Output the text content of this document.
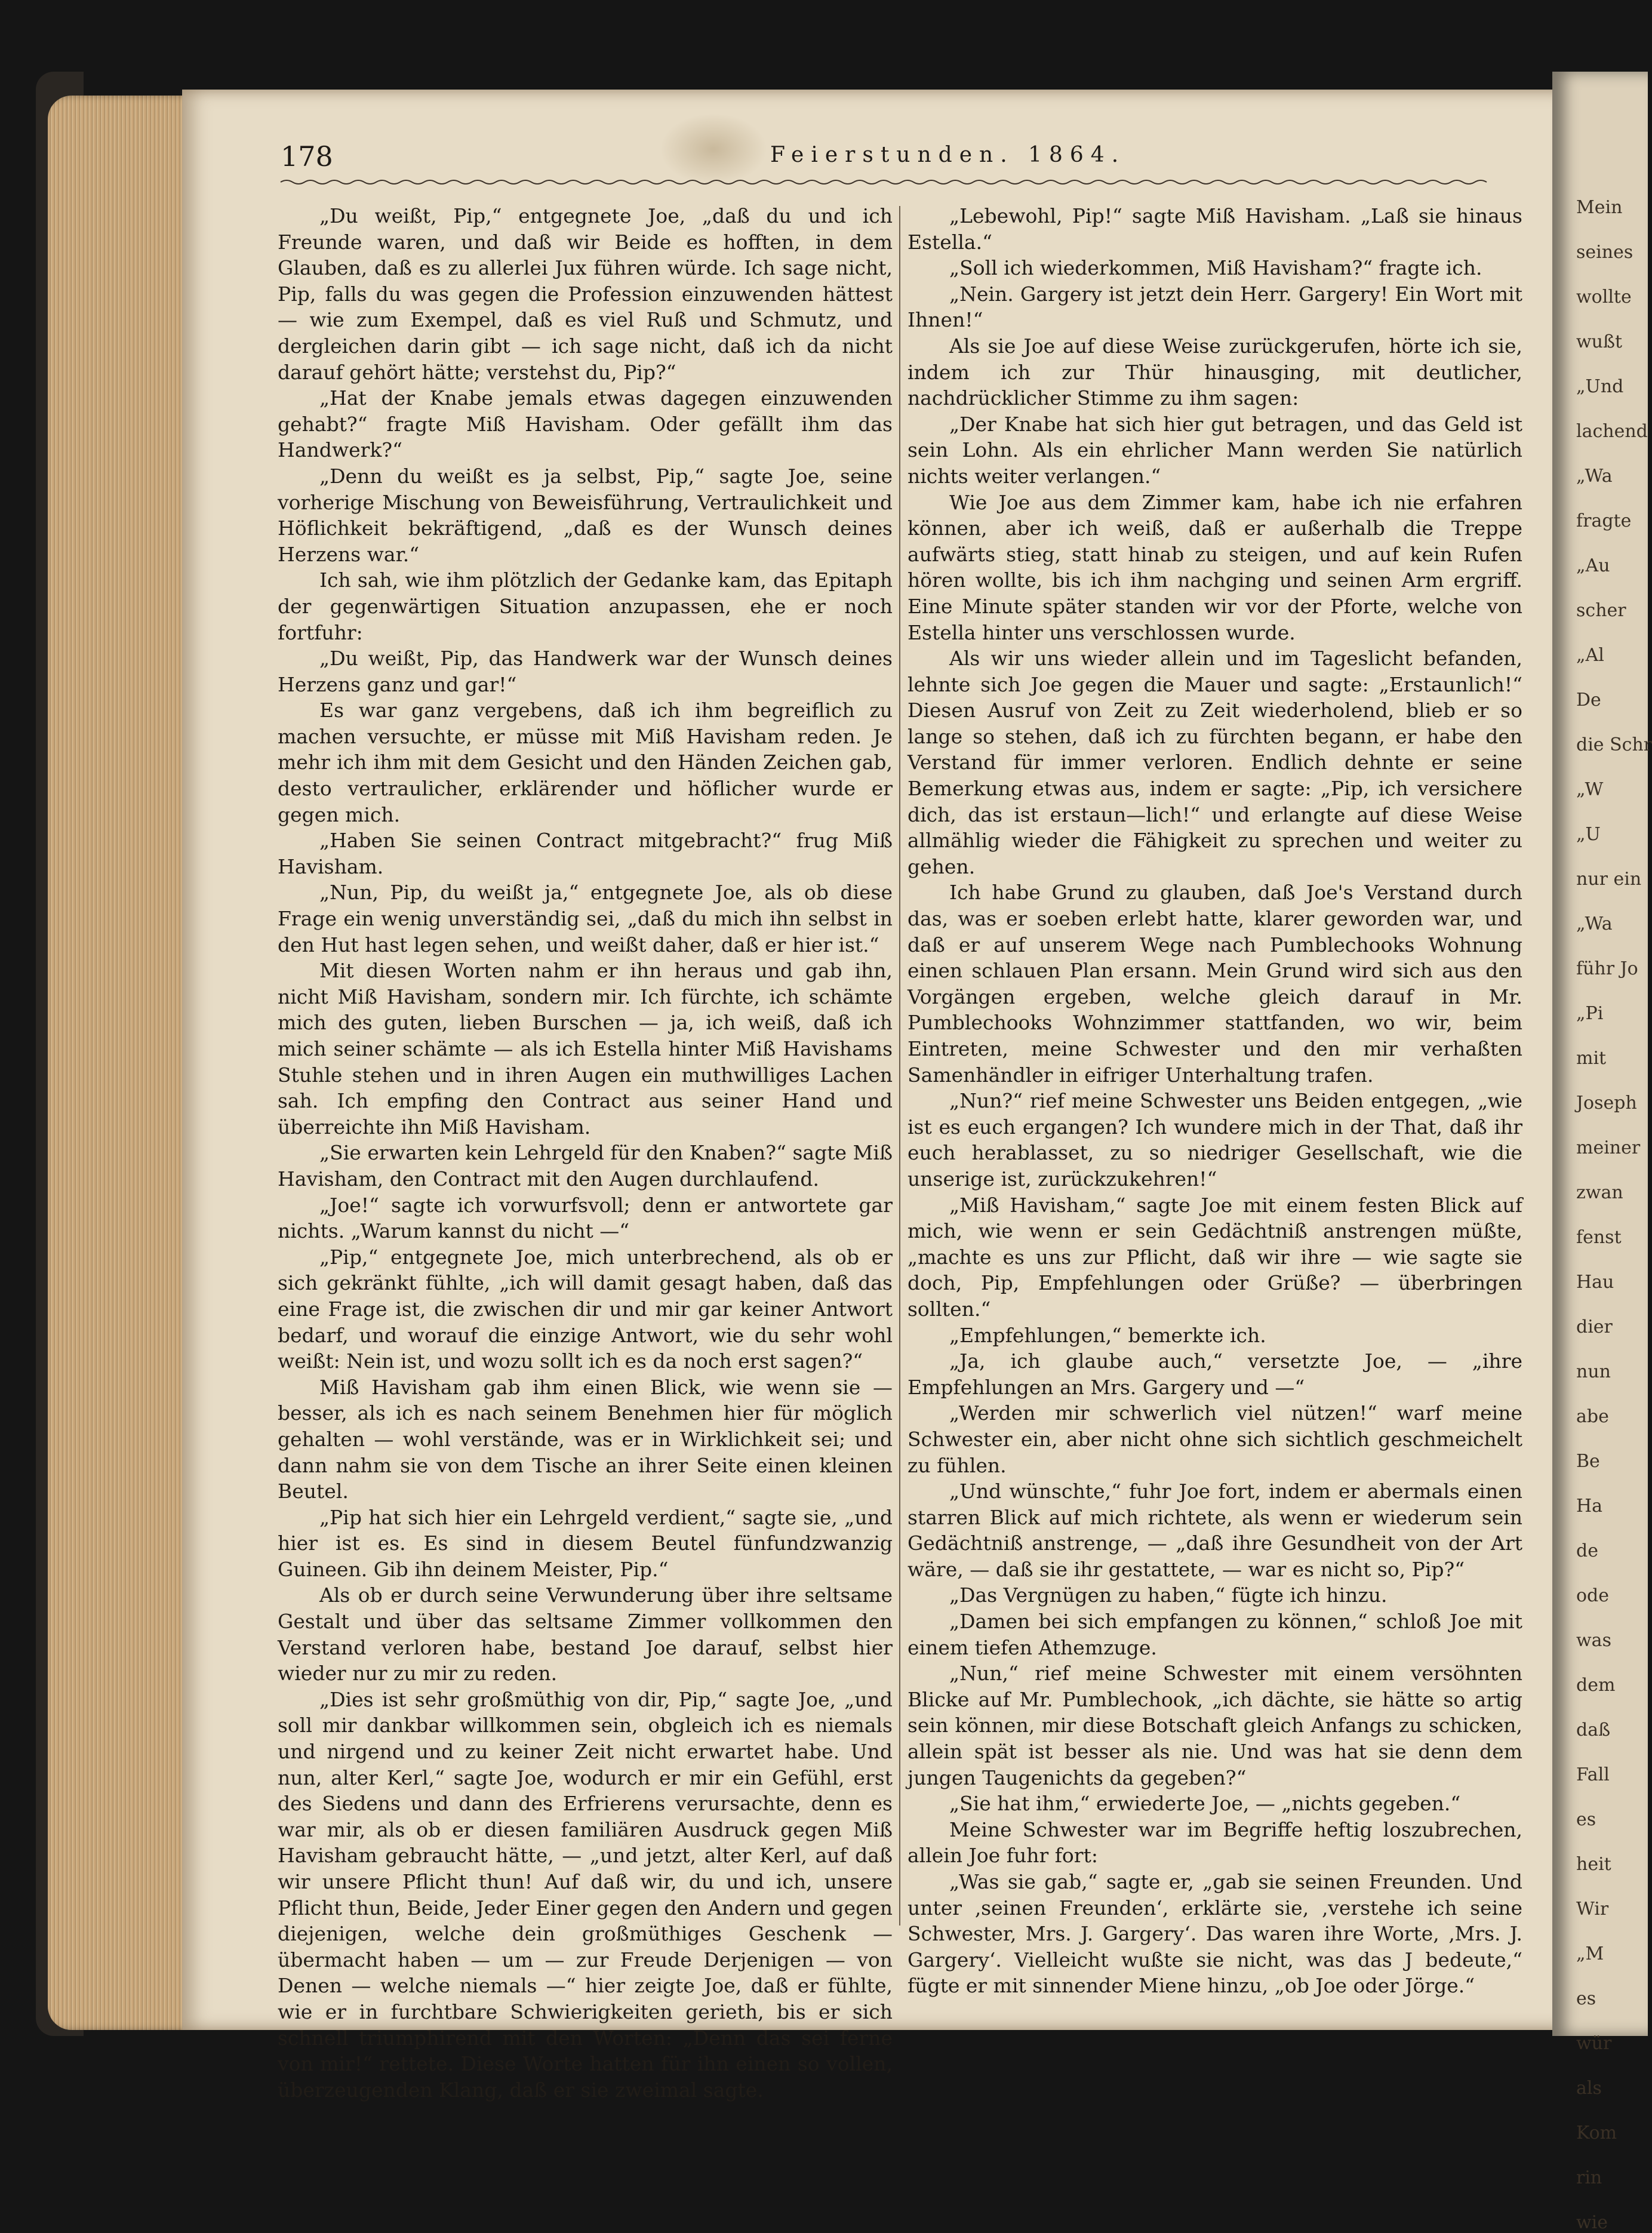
Mein
seines
wollte
wußt
„Und
lachend
„Wa
fragte
„Au
scher
„Al
De
die Schr
„W
„U
nur ein
„Wa
führ Jo
„Pi
mit
Joseph
meiner
zwan
fenst
Hau
dier
nun
abe
Be
Ha
de
ode
was
dem
daß
Fall
es
heit
Wir
„M
es
wür
als
Kom
rin
wie
178	Feierstunden. 1864.

„Du weißt, Pip,“ entgegnete Joe, „daß du und ich Freunde waren, und daß wir Beide es hofften, in dem Glauben, daß es zu allerlei Jux führen würde. Ich sage nicht, Pip, falls du was gegen die Profession einzuwenden hättest — wie zum Exempel, daß es viel Ruß und Schmutz, und dergleichen darin gibt — ich sage nicht, daß ich da nicht darauf gehört hätte; verstehst du, Pip?“

„Hat der Knabe jemals etwas dagegen einzuwenden gehabt?“ fragte Miß Havisham. Oder gefällt ihm das Handwerk?“

„Denn du weißt es ja selbst, Pip,“ sagte Joe, seine vorherige Mischung von Beweisführung, Vertraulichkeit und Höflichkeit bekräftigend, „daß es der Wunsch deines Herzens war.“

Ich sah, wie ihm plötzlich der Gedanke kam, das Epitaph der gegenwärtigen Situation anzupassen, ehe er noch fortfuhr:

„Du weißt, Pip, das Handwerk war der Wunsch deines Herzens ganz und gar!“

Es war ganz vergebens, daß ich ihm begreiflich zu machen versuchte, er müsse mit Miß Havisham reden. Je mehr ich ihm mit dem Gesicht und den Händen Zeichen gab, desto vertraulicher, erklärender und höflicher wurde er gegen mich.

„Haben Sie seinen Contract mitgebracht?“ frug Miß Havisham.

„Nun, Pip, du weißt ja,“ entgegnete Joe, als ob diese Frage ein wenig unverständig sei, „daß du mich ihn selbst in den Hut hast legen sehen, und weißt daher, daß er hier ist.“

Mit diesen Worten nahm er ihn heraus und gab ihn, nicht Miß Havisham, sondern mir. Ich fürchte, ich schämte mich des guten, lieben Burschen — ja, ich weiß, daß ich mich seiner schämte — als ich Estella hinter Miß Havishams Stuhle stehen und in ihren Augen ein muthwilliges Lachen sah. Ich empfing den Contract aus seiner Hand und überreichte ihn Miß Havisham.

„Sie erwarten kein Lehrgeld für den Knaben?“ sagte Miß Havisham, den Contract mit den Augen durchlaufend.

„Joe!“ sagte ich vorwurfsvoll; denn er antwortete gar nichts. „Warum kannst du nicht —“

„Pip,“ entgegnete Joe, mich unterbrechend, als ob er sich gekränkt fühlte, „ich will damit gesagt haben, daß das eine Frage ist, die zwischen dir und mir gar keiner Antwort bedarf, und worauf die einzige Antwort, wie du sehr wohl weißt: Nein ist, und wozu sollt ich es da noch erst sagen?“

Miß Havisham gab ihm einen Blick, wie wenn sie — besser, als ich es nach seinem Benehmen hier für möglich gehalten — wohl verstände, was er in Wirklichkeit sei; und dann nahm sie von dem Tische an ihrer Seite einen kleinen Beutel.

„Pip hat sich hier ein Lehrgeld verdient,“ sagte sie, „und hier ist es. Es sind in diesem Beutel fünfundzwanzig Guineen. Gib ihn deinem Meister, Pip.“

Als ob er durch seine Verwunderung über ihre seltsame Gestalt und über das seltsame Zimmer vollkommen den Verstand verloren habe, bestand Joe darauf, selbst hier wieder nur zu mir zu reden.

„Dies ist sehr großmüthig von dir, Pip,“ sagte Joe, „und soll mir dankbar willkommen sein, obgleich ich es niemals und nirgend und zu keiner Zeit nicht erwartet habe. Und nun, alter Kerl,“ sagte Joe, wodurch er mir ein Gefühl, erst des Siedens und dann des Erfrierens verursachte, denn es war mir, als ob er diesen familiären Ausdruck gegen Miß Havisham gebraucht hätte, — „und jetzt, alter Kerl, auf daß wir unsere Pflicht thun! Auf daß wir, du und ich, unsere Pflicht thun, Beide, Jeder Einer gegen den Andern und gegen diejenigen, welche dein großmüthiges Geschenk — übermacht haben — um — zur Freude Derjenigen — von Denen — welche niemals —“ hier zeigte Joe, daß er fühlte, wie er in furchtbare Schwierigkeiten gerieth, bis er sich schnell triumphirend mit den Worten: „Denn das sei ferne von mir!“ rettete. Diese Worte hatten für ihn einen so vollen, überzeugenden Klang, daß er sie zweimal sagte.

„Lebewohl, Pip!“ sagte Miß Havisham. „Laß sie hinaus Estella.“

„Soll ich wiederkommen, Miß Havisham?“ fragte ich.

„Nein. Gargery ist jetzt dein Herr. Gargery! Ein Wort mit Ihnen!“

Als sie Joe auf diese Weise zurückgerufen, hörte ich sie, indem ich zur Thür hinausging, mit deutlicher, nachdrücklicher Stimme zu ihm sagen:

„Der Knabe hat sich hier gut betragen, und das Geld ist sein Lohn. Als ein ehrlicher Mann werden Sie natürlich nichts weiter verlangen.“

Wie Joe aus dem Zimmer kam, habe ich nie erfahren können, aber ich weiß, daß er außerhalb die Treppe aufwärts stieg, statt hinab zu steigen, und auf kein Rufen hören wollte, bis ich ihm nachging und seinen Arm ergriff. Eine Minute später standen wir vor der Pforte, welche von Estella hinter uns verschlossen wurde.

Als wir uns wieder allein und im Tageslicht befanden, lehnte sich Joe gegen die Mauer und sagte: „Erstaunlich!“ Diesen Ausruf von Zeit zu Zeit wiederholend, blieb er so lange so stehen, daß ich zu fürchten begann, er habe den Verstand für immer verloren. Endlich dehnte er seine Bemerkung etwas aus, indem er sagte: „Pip, ich versichere dich, das ist erstaun—lich!“ und erlangte auf diese Weise allmählig wieder die Fähigkeit zu sprechen und weiter zu gehen.

Ich habe Grund zu glauben, daß Joe's Verstand durch das, was er soeben erlebt hatte, klarer geworden war, und daß er auf unserem Wege nach Pumblechooks Wohnung einen schlauen Plan ersann. Mein Grund wird sich aus den Vorgängen ergeben, welche gleich darauf in Mr. Pumblechooks Wohnzimmer stattfanden, wo wir, beim Eintreten, meine Schwester und den mir verhaßten Samenhändler in eifriger Unterhaltung trafen.

„Nun?“ rief meine Schwester uns Beiden entgegen, „wie ist es euch ergangen? Ich wundere mich in der That, daß ihr euch herablasset, zu so niedriger Gesellschaft, wie die unserige ist, zurückzukehren!“

„Miß Havisham,“ sagte Joe mit einem festen Blick auf mich, wie wenn er sein Gedächtniß anstrengen müßte, „machte es uns zur Pflicht, daß wir ihre — wie sagte sie doch, Pip, Empfehlungen oder Grüße? — überbringen sollten.“

„Empfehlungen,“ bemerkte ich.

„Ja, ich glaube auch,“ versetzte Joe, — „ihre Empfehlungen an Mrs. Gargery und —“

„Werden mir schwerlich viel nützen!“ warf meine Schwester ein, aber nicht ohne sich sichtlich geschmeichelt zu fühlen.

„Und wünschte,“ fuhr Joe fort, indem er abermals einen starren Blick auf mich richtete, als wenn er wiederum sein Gedächtniß anstrenge, — „daß ihre Gesundheit von der Art wäre, — daß sie ihr gestattete, — war es nicht so, Pip?“

„Das Vergnügen zu haben,“ fügte ich hinzu.

„Damen bei sich empfangen zu können,“ schloß Joe mit einem tiefen Athemzuge.

„Nun,“ rief meine Schwester mit einem versöhnten Blicke auf Mr. Pumblechook, „ich dächte, sie hätte so artig sein können, mir diese Botschaft gleich Anfangs zu schicken, allein spät ist besser als nie. Und was hat sie denn dem jungen Taugenichts da gegeben?“

„Sie hat ihm,“ erwiederte Joe, — „nichts gegeben.“

Meine Schwester war im Begriffe heftig loszubrechen, allein Joe fuhr fort:

„Was sie gab,“ sagte er, „gab sie seinen Freunden. Und unter ‚seinen Freunden‘, erklärte sie, ‚verstehe ich seine Schwester, Mrs. J. Gargery‘. Das waren ihre Worte, ‚Mrs. J. Gargery‘. Vielleicht wußte sie nicht, was das J bedeute,“ fügte er mit sinnender Miene hinzu, „ob Joe oder Jörge.“
